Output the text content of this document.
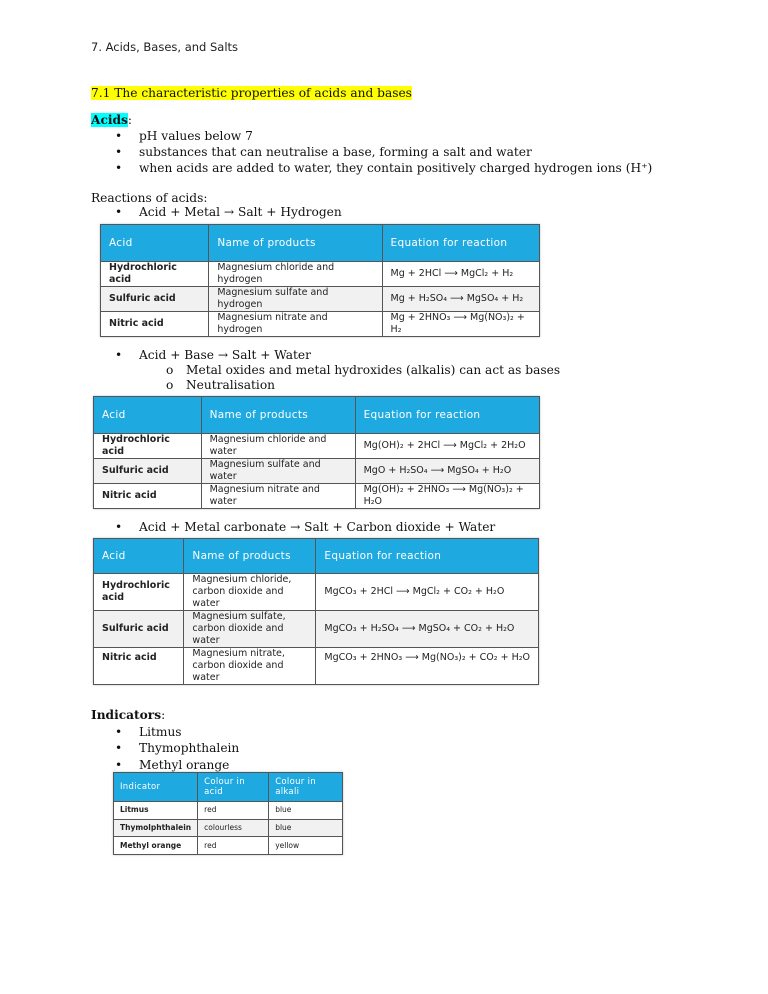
7. Acids, Bases, and Salts
7.1 The characteristic properties of acids and bases
Acids:
• pH values below 7
• substances that can neutralise a base, forming a salt and water
• when acids are added to water, they contain positively charged hydrogen ions (H⁺)
Reactions of acids:
• Acid + Metal → Salt + Hydrogen
Acid	Name of products	Equation for reaction
Hydrochloric acid	Magnesium chloride and hydrogen	Mg + 2HCl ⟶ MgCl₂ + H₂
Sulfuric acid	Magnesium sulfate and hydrogen	Mg + H₂SO₄ ⟶ MgSO₄ + H₂
Nitric acid	Magnesium nitrate and hydrogen	Mg + 2HNO₃ ⟶ Mg(NO₃)₂ + H₂
• Acid + Base → Salt + Water
o Metal oxides and metal hydroxides (alkalis) can act as bases
o Neutralisation
Acid	Name of products	Equation for reaction
Hydrochloric acid	Magnesium chloride and water	Mg(OH)₂ + 2HCl ⟶ MgCl₂ + 2H₂O
Sulfuric acid	Magnesium sulfate and water	MgO + H₂SO₄ ⟶ MgSO₄ + H₂O
Nitric acid	Magnesium nitrate and water	Mg(OH)₂ + 2HNO₃ ⟶ Mg(NO₃)₂ + H₂O
• Acid + Metal carbonate → Salt + Carbon dioxide + Water
Acid	Name of products	Equation for reaction
Hydrochloric acid	Magnesium chloride, carbon dioxide and water	MgCO₃ + 2HCl ⟶ MgCl₂ + CO₂ + H₂O
Sulfuric acid	Magnesium sulfate, carbon dioxide and water	MgCO₃ + H₂SO₄ ⟶ MgSO₄ + CO₂ + H₂O
Nitric acid	Magnesium nitrate, carbon dioxide and water	MgCO₃ + 2HNO₃ ⟶ Mg(NO₃)₂ + CO₂ + H₂O
Indicators:
• Litmus
• Thymophthalein
• Methyl orange
Indicator	Colour in acid	Colour in alkali
Litmus	red	blue
Thymolphthalein	colourless	blue
Methyl orange	red	yellow
